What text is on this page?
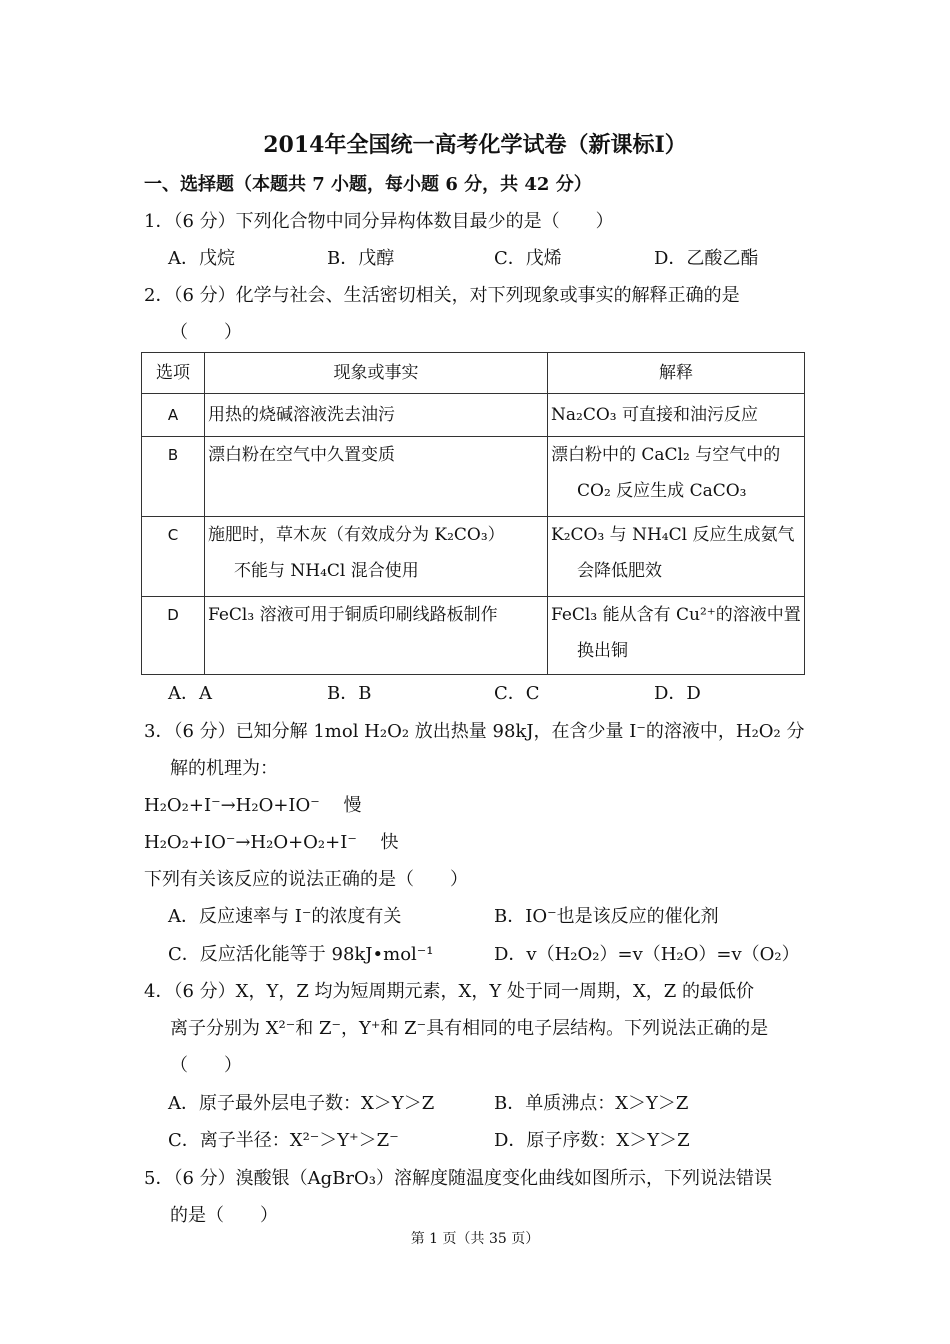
2014年全国统一高考化学试卷（新课标I）
一、选择题（本题共 7 小题，每小题 6 分，共 42 分）
1．（6 分）下列化合物中同分异构体数目最少的是（　　）
A．戊烷	B．戊醇	C．戊烯	D．乙酸乙酯
2．（6 分）化学与社会、生活密切相关，对下列现象或事实的解释正确的是
（　　）
选项	现象或事实	解释
A	用热的烧碱溶液洗去油污	Na₂CO₃ 可直接和油污反应

B	漂白粉在空气中久置变质	漂白粉中的 CaCl₂ 与空气中的
CO₂ 反应生成 CaCO₃

C	施肥时，草木灰（有效成分为 K₂CO₃）
不能与 NH₄Cl 混合使用	K₂CO₃ 与 NH₄Cl 反应生成氨气
会降低肥效

D	FeCl₃ 溶液可用于铜质印刷线路板制作	FeCl₃ 能从含有 Cu²⁺的溶液中置
换出铜
A．A	B．B	C．C	D．D
3．（6 分）已知分解 1mol H₂O₂ 放出热量 98kJ，在含少量 I⁻的溶液中，H₂O₂ 分
解的机理为：
H₂O₂+I⁻→H₂O+IO⁻　 慢
H₂O₂+IO⁻→H₂O+O₂+I⁻　 快
下列有关该反应的说法正确的是（　　）
A．反应速率与 I⁻的浓度有关	B．IO⁻也是该反应的催化剂
C．反应活化能等于 98kJ•mol⁻¹	D．v（H₂O₂）=v（H₂O）=v（O₂）
4．（6 分）X，Y，Z 均为短周期元素，X，Y 处于同一周期，X，Z 的最低价
离子分别为 X²⁻和 Z⁻，Y⁺和 Z⁻具有相同的电子层结构。下列说法正确的是
（　　）
A．原子最外层电子数：X＞Y＞Z	B．单质沸点：X＞Y＞Z
C．离子半径：X²⁻＞Y⁺＞Z⁻	D．原子序数：X＞Y＞Z
5．（6 分）溴酸银（AgBrO₃）溶解度随温度变化曲线如图所示，下列说法错误
的是（　　）
第 1 页（共 35 页）
